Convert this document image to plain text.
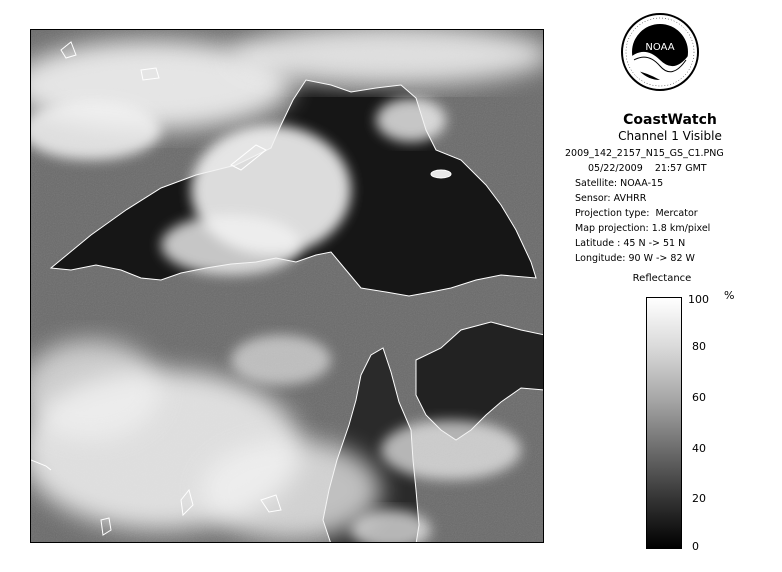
NOAA
CoastWatch
Channel 1 Visible
2009_142_2157_N15_GS_C1.PNG
05/22/2009    21:57 GMT
Satellite: NOAA-15
Sensor: AVHRR
Projection type:  Mercator
Map projection: 1.8 km/pixel
Latitude : 45 N -> 51 N
Longitude: 90 W -> 82 W
Reflectance
%
100
80
60
40
20
0
